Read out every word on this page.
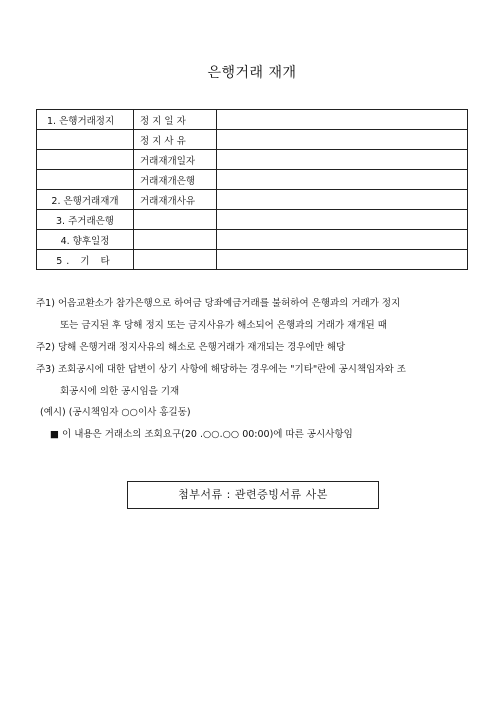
은행거래 재개
1. 은행거래정지	정 지 일 자	

	정 지 사 유	

	거래재개일자	

	거래재개은행	

2. 은행거래재개	거래재개사유	

3. 주거래은행		

4. 향후일정		

5. 기 타		

주1) 어음교환소가 참가은행으로 하여금 당좌예금거래를 불허하여 은행과의 거래가 정지
또는 금지된 후 당해 정지 또는 금지사유가 해소되어 은행과의 거래가 재개된 때
주2) 당해 은행거래 정지사유의 해소로 은행거래가 재개되는 경우에만 해당
주3) 조회공시에 대한 답변이 상기 사항에 해당하는 경우에는 "기타"란에 공시책임자와 조
회공시에 의한 공시임을 기재
(예시) (공시책임자 ○○이사 홍길동)
■ 이 내용은 거래소의 조회요구(20 .○○.○○ 00:00)에 따른 공시사항임
첨부서류 : 관련증빙서류 사본
